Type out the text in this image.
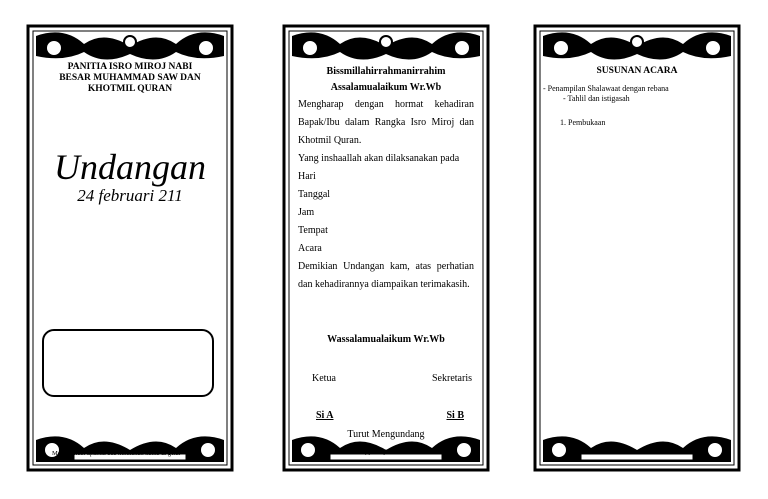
PANITIA ISRO MIROJ NABI BESAR MUHAMMAD SAW DAN KHOTMIL QURAN
Undangan
24 februari 211
Mohon maaf apabila ada kesalahan nama & gelar
Bissmillahirrahmanirrahim
Assalamualaikum Wr.Wb
Mengharap dengan hormat kehadiran Bapak/Ibu dalam Rangka Isro Miroj dan Khotmil Quran.
Yang inshaallah akan dilaksanakan pada
Hari
Tanggal
Jam
Tempat
Acara
Demikian Undangan kam, atas perhatian dan kehadirannya diampaikan terimakasih.
Wassalamualaikum Wr.Wb
Ketua	Sekretaris
Si A	Si B
Turut Mengundang
Segenap Panitia
SUSUNAN ACARA
- Penampilan Shalawaat dengan rebana
- Tahlil dan istigasah
1. Pembukaan
